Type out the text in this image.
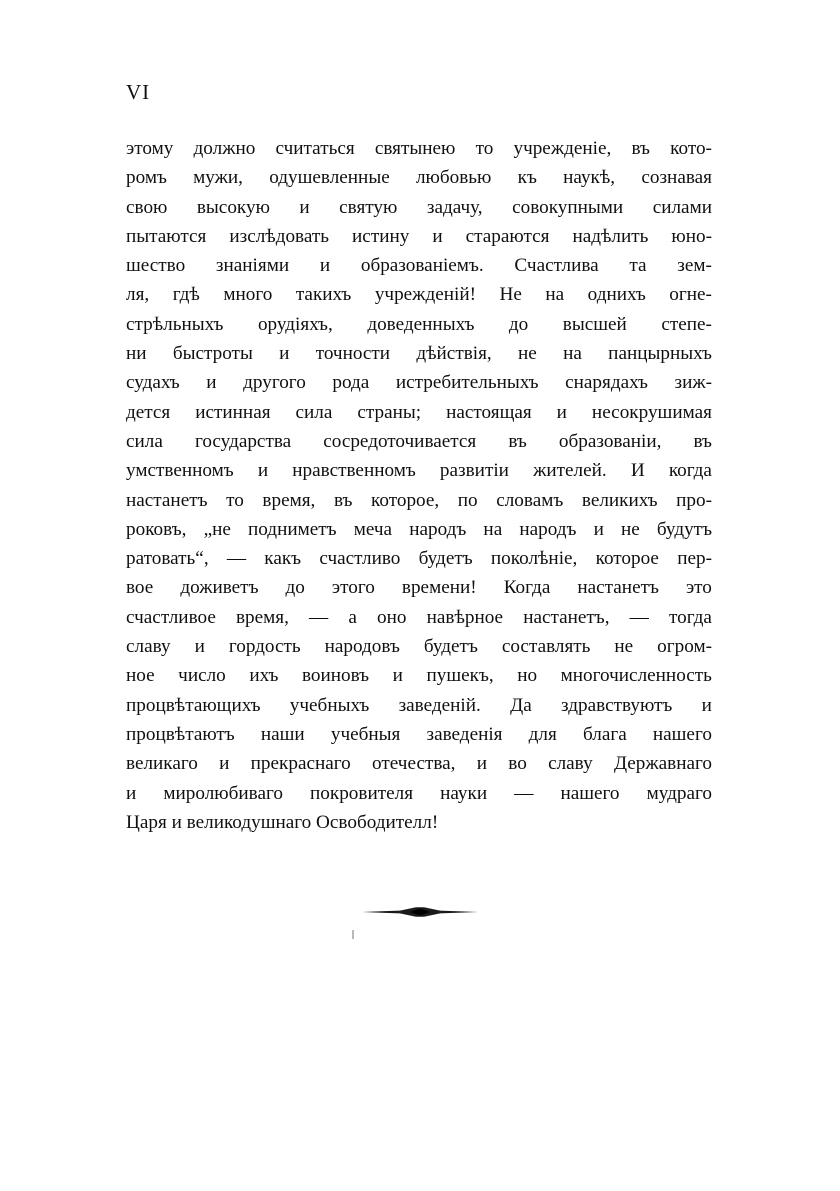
VI
этому должно считаться святынею то учрежденіе, въ кото-
ромъ мужи, одушевленные любовью къ наукѣ, сознавая
свою высокую и святую задачу, совокупными силами
пытаются изслѣдовать истину и стараются надѣлить юно-
шество знаніями и образованіемъ. Счастлива та зем-
ля, гдѣ много такихъ учрежденій! Не на однихъ огне-
стрѣльныхъ орудіяхъ, доведенныхъ до высшей степе-
ни быстроты и точности дѣйствія, не на панцырныхъ
судахъ и другого рода истребительныхъ снарядахъ зиж-
дется истинная сила страны; настоящая и несокрушимая
сила государства сосредоточивается въ образованіи, въ
умственномъ и нравственномъ развитіи жителей. И когда
настанетъ то время, въ которое, по словамъ великихъ про-
роковъ, „не подниметъ меча народъ на народъ и не будутъ
ратовать“, — какъ счастливо будетъ поколѣніе, которое пер-
вое доживетъ до этого времени! Когда настанетъ это
счастливое время, — а оно навѣрное настанетъ, — тогда
славу и гордость народовъ будетъ составлять не огром-
ное число ихъ воиновъ и пушекъ, но многочисленность
процвѣтающихъ учебныхъ заведеній. Да здравствуютъ и
процвѣтаютъ наши учебныя заведенія для блага нашего
великаго и прекраснаго отечества, и во славу Державнаго
и миролюбиваго покровителя науки — нашего мудраго
Царя и великодушнаго Освободителл!
